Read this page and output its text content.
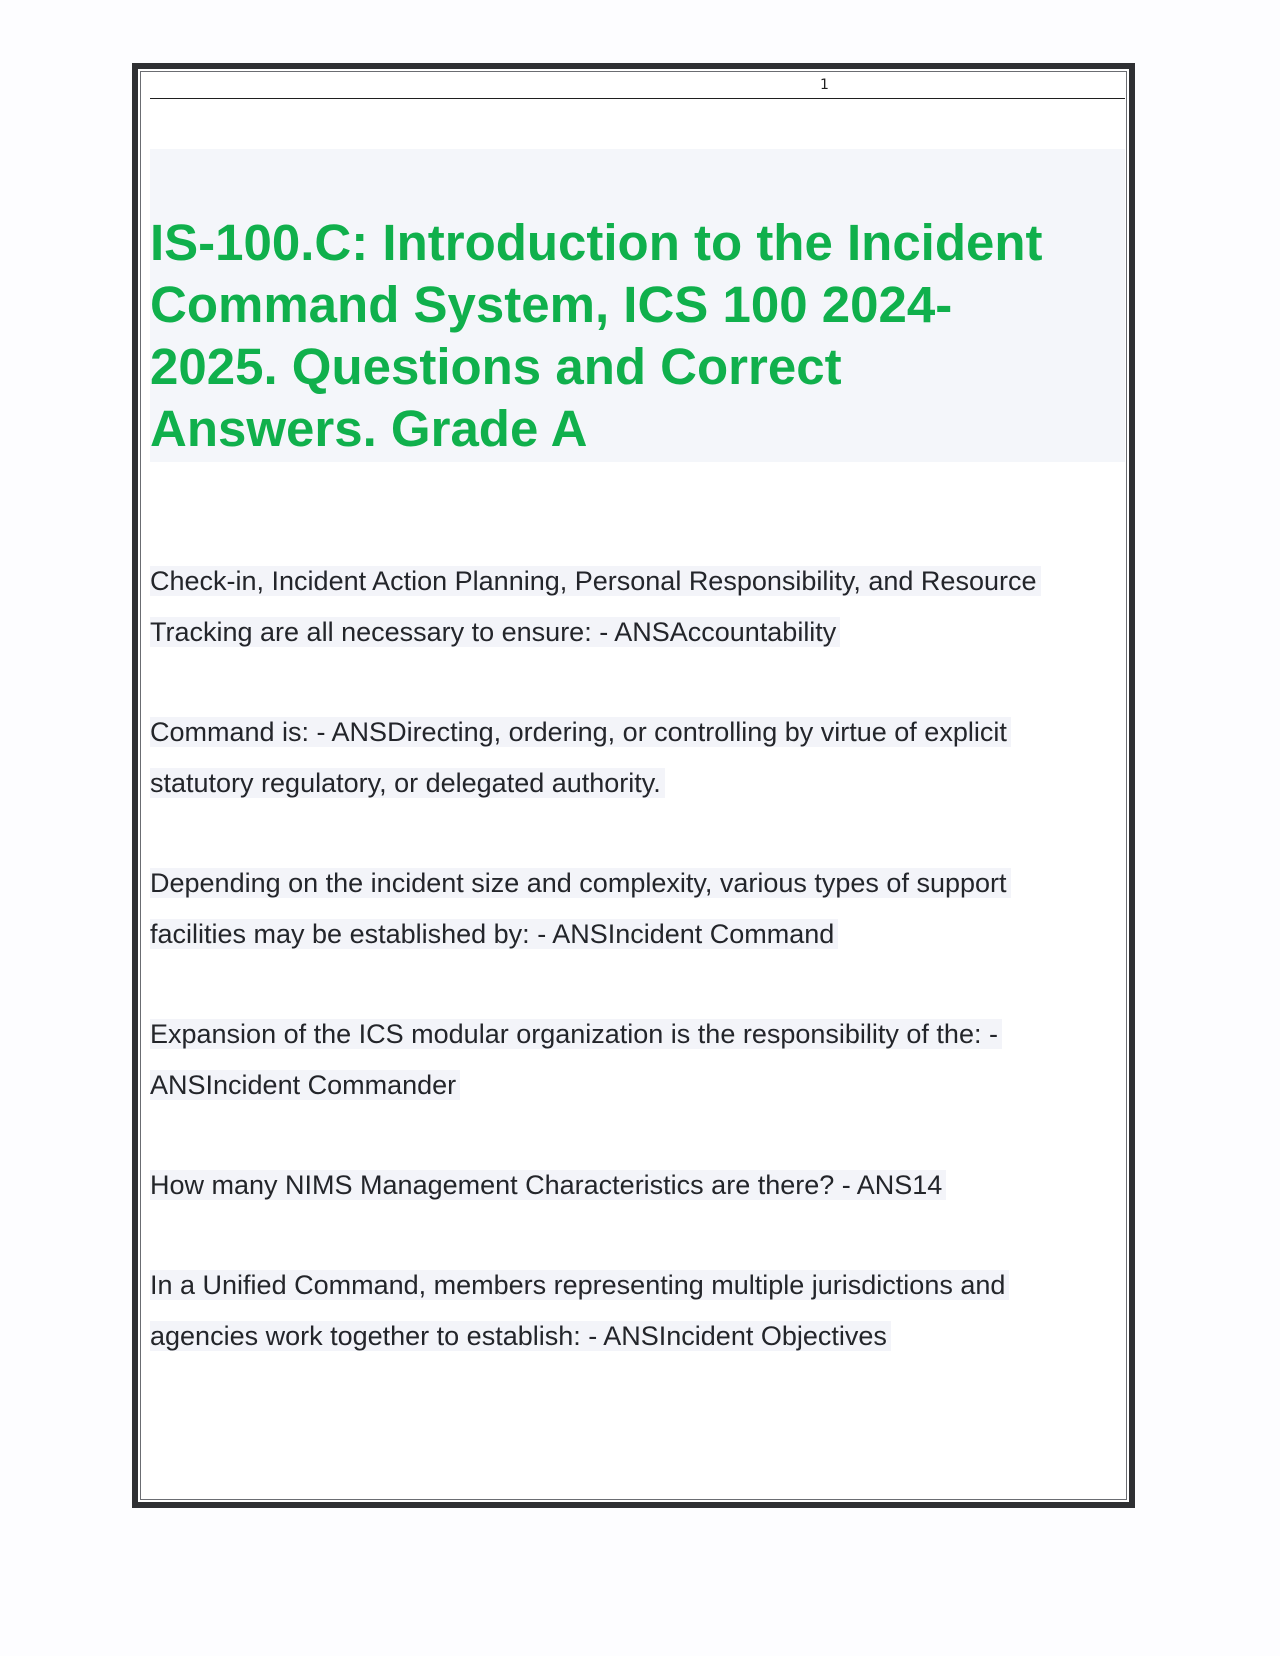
1
IS-100.C: Introduction to the Incident
Command System, ICS 100 2024-
2025. Questions and Correct
Answers. Grade A
Check-in, Incident Action Planning, Personal Responsibility, and Resource
Tracking are all necessary to ensure: - ANSAccountability
Command is: - ANSDirecting, ordering, or controlling by virtue of explicit
statutory regulatory, or delegated authority.
Depending on the incident size and complexity, various types of support
facilities may be established by: - ANSIncident Command
Expansion of the ICS modular organization is the responsibility of the: -
ANSIncident Commander
How many NIMS Management Characteristics are there? - ANS14
In a Unified Command, members representing multiple jurisdictions and
agencies work together to establish: - ANSIncident Objectives
